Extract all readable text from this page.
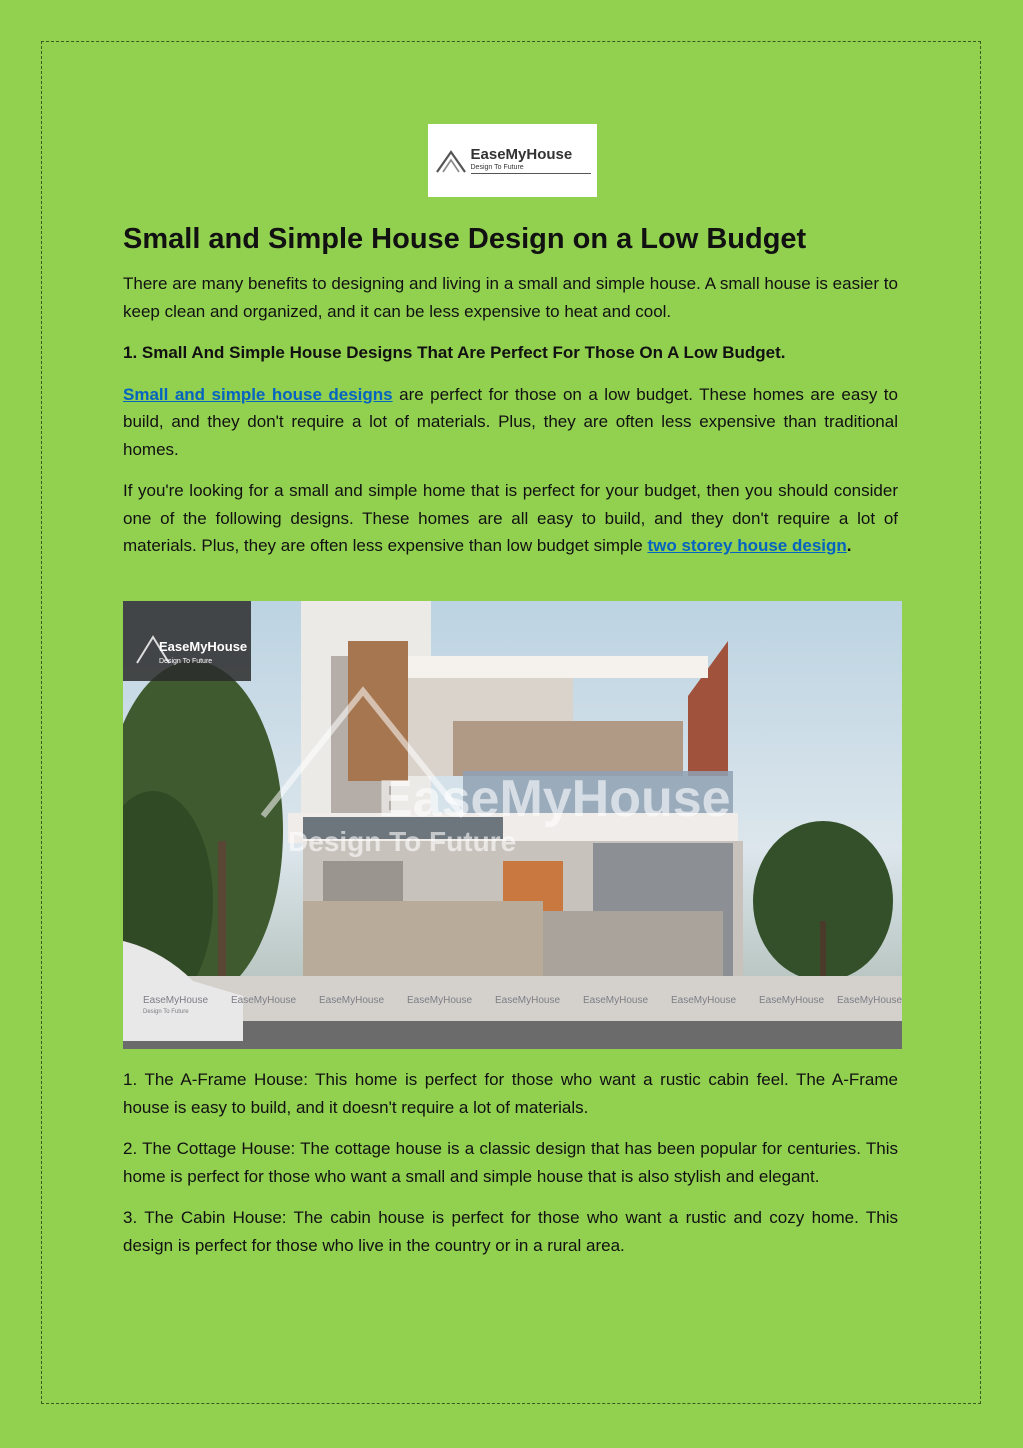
EaseMyHouse
Design To Future
Small and Simple House Design on a Low Budget

There are many benefits to designing and living in a small and simple house. A small house is easier to keep clean and organized, and it can be less expensive to heat and cool.

1. Small And Simple House Designs That Are Perfect For Those On A Low Budget.

Small and simple house designs are perfect for those on a low budget. These homes are easy to build, and they don't require a lot of materials. Plus, they are often less expensive than traditional homes.

If you're looking for a small and simple home that is perfect for your budget, then you should consider one of the following designs. These homes are all easy to build, and they don't require a lot of materials. Plus, they are often less expensive than low budget simple two storey house design.

EaseMyHouse
Design To Future
EaseMyHouse
Design To Future
EaseMyHouse
Design To Future
EaseMyHouse EaseMyHouse EaseMyHouse EaseMyHouse EaseMyHouse EaseMyHouse EaseMyHouse EaseMyHouse

1. The A-Frame House: This home is perfect for those who want a rustic cabin feel. The A-Frame house is easy to build, and it doesn't require a lot of materials.

2. The Cottage House: The cottage house is a classic design that has been popular for centuries. This home is perfect for those who want a small and simple house that is also stylish and elegant.

3. The Cabin House: The cabin house is perfect for those who want a rustic and cozy home. This design is perfect for those who live in the country or in a rural area.
